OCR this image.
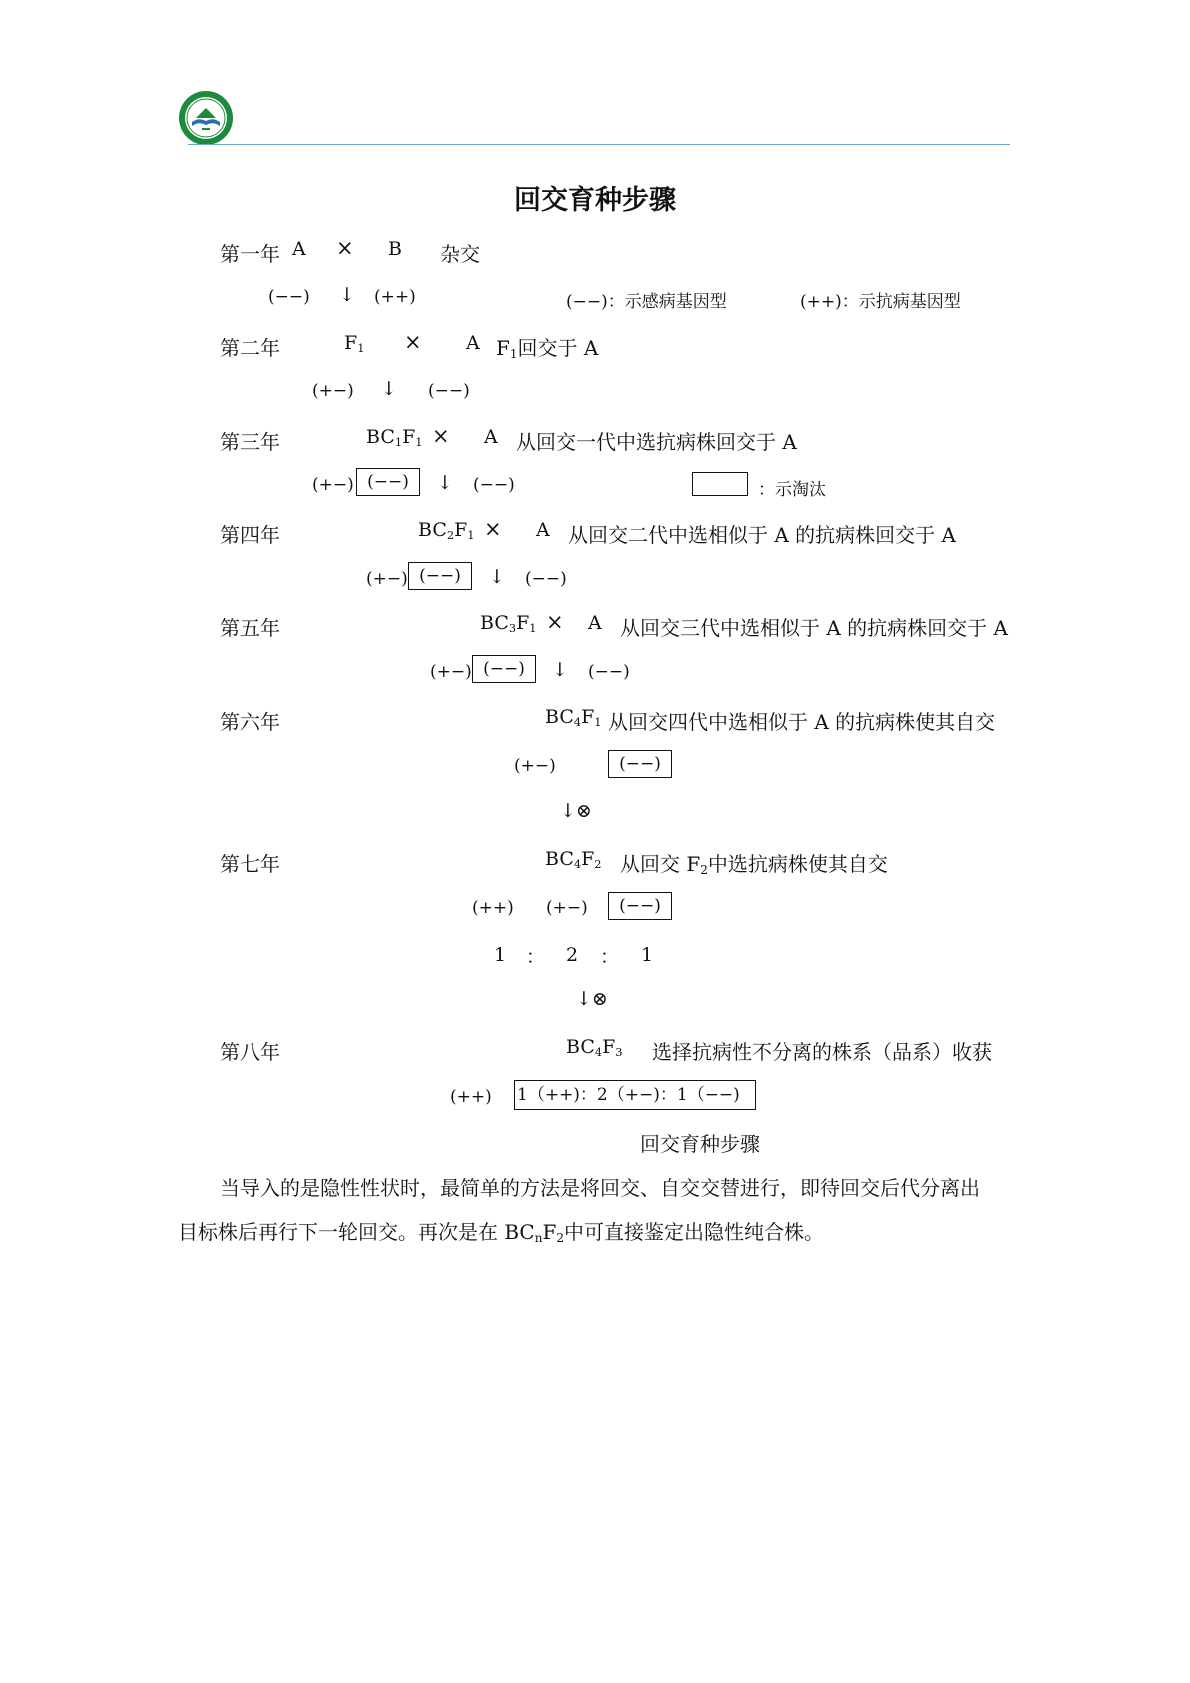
回交育种步骤
第一年 A × B 杂交
(−−) ↓ (++)	(−−)：示感病基因型	(++)：示抗病基因型
第二年	$F_1 \times A$ $F_1$回交于 A
(+−) ↓ (−−)
第三年	$BC_1F_1 \times A$ 从回交一代中选抗病株回交于 A
(+−) (−−)	↓ (−−)	：示淘汰
第四年	$BC_2F_1 \times A$ 从回交二代中选相似于 A 的抗病株回交于 A
(+−) (−−)	↓ (−−)
第五年	$BC_3F_1 \times A$ 从回交三代中选相似于 A 的抗病株回交于 A
(+−) (−−)	↓ (−−)
第六年	$BC_4F_1$ 从回交四代中选相似于 A 的抗病株使其自交
(+−)	(−−)
↓⊗
第七年	$BC_4F_2$ 从回交 $F_2$中选抗病株使其自交
(++) (+−)	(−−)
1 ： 2 ： 1
↓⊗
第八年	$BC_4F_3$ 选择抗病性不分离的株系（品系）收获
(++) 1（++)：2（+−)：1（−−)
回交育种步骤
当导入的是隐性性状时，最简单的方法是将回交、自交交替进行，即待回交后代分离出
目标株后再行下一轮回交。再次是在 $BC_nF_2$中可直接鉴定出隐性纯合株。
